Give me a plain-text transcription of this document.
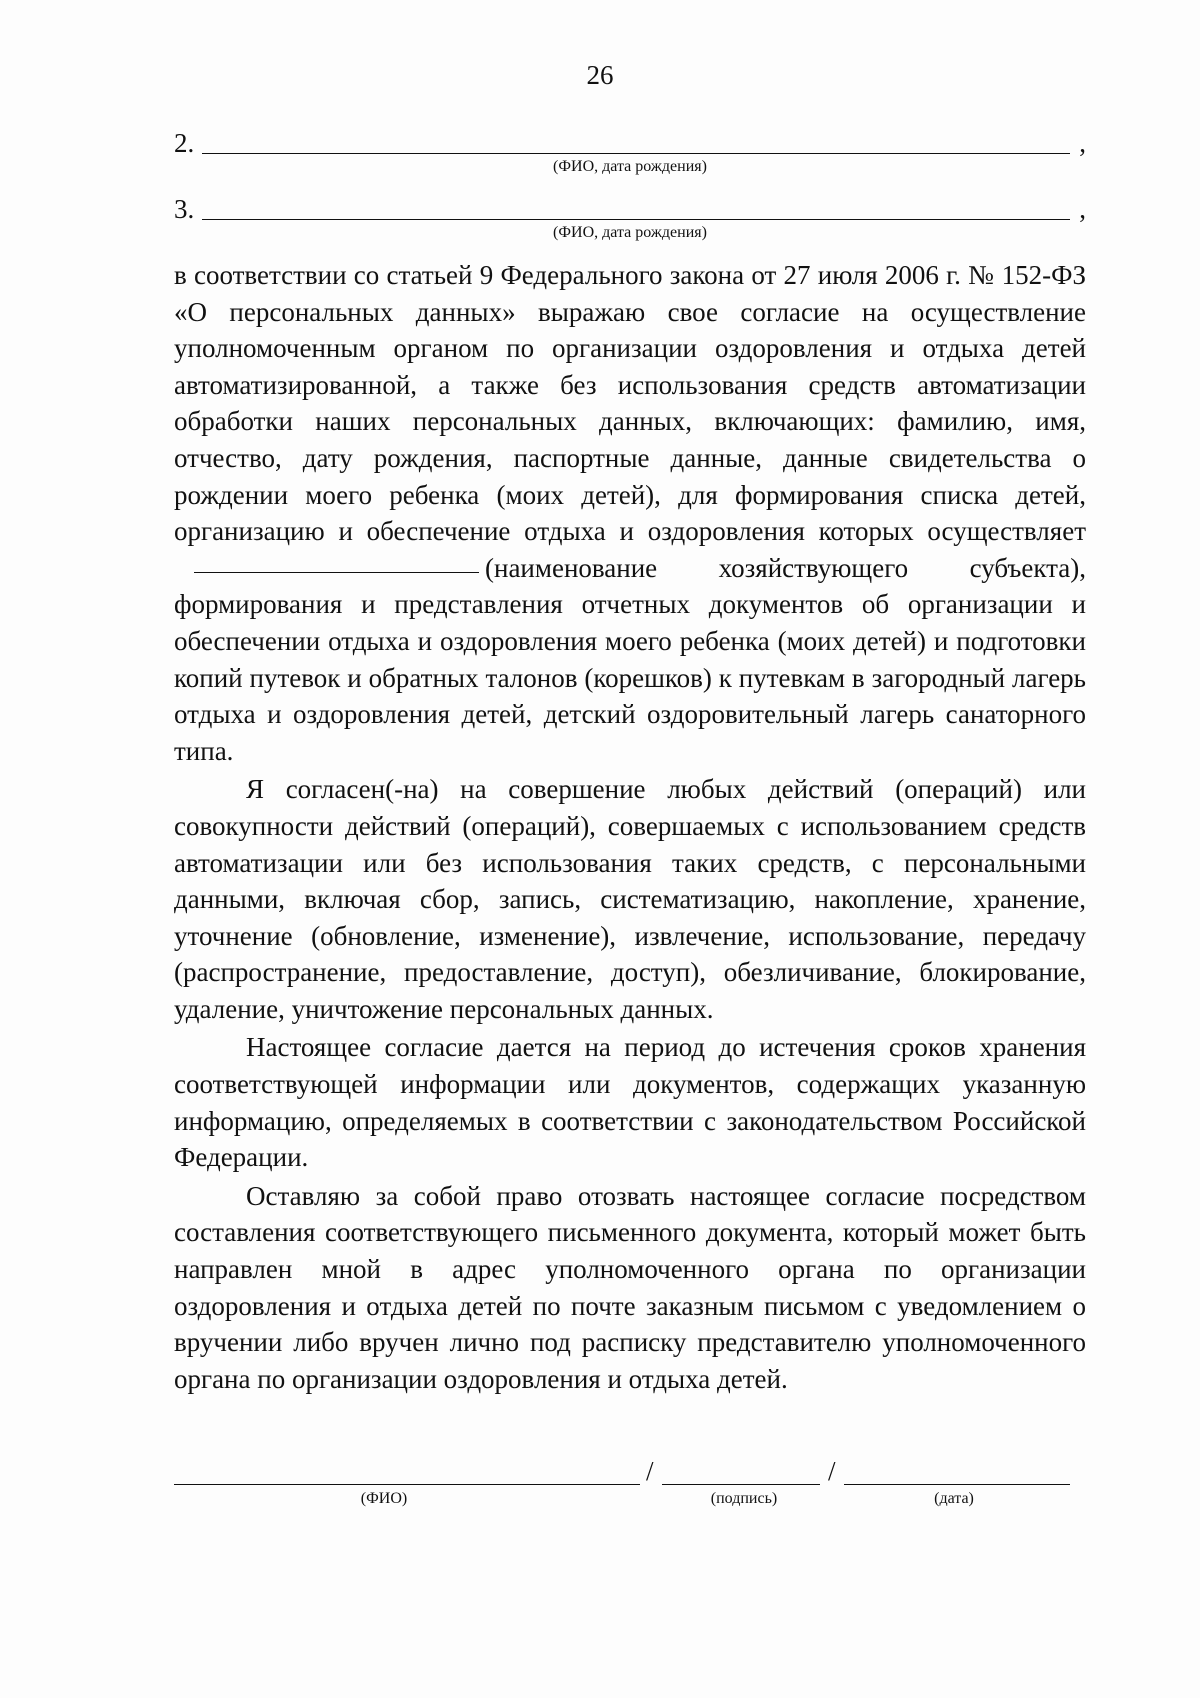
26
2.	,
(ФИО, дата рождения)
3.	,
(ФИО, дата рождения)

в соответствии со статьей 9 Федерального закона от 27 июля 2006 г. № 152-ФЗ «О персональных данных» выражаю свое согласие на осуществление уполномоченным органом по организации оздоровления и отдыха детей автоматизированной, а также без использования средств автоматизации обработки наших персональных данных, включающих: фамилию, имя, отчество, дату рождения, паспортные данные, данные свидетельства о рождении моего ребенка (моих детей), для формирования списка детей, организацию и обеспечение отдыха и оздоровления которых осуществляет(наименование хозяйствующего субъекта), формирования и представления отчетных документов об организации и обеспечении отдыха и оздоровления моего ребенка (моих детей) и подготовки копий путевок и обратных талонов (корешков) к путевкам в загородный лагерь отдыха и оздоровления детей, детский оздоровительный лагерь санаторного типа.

Я согласен(-на) на совершение любых действий (операций) или совокупности действий (операций), совершаемых с использованием средств автоматизации или без использования таких средств, с персональными данными, включая сбор, запись, систематизацию, накопление, хранение, уточнение (обновление, изменение), извлечение, использование, передачу (распространение, предоставление, доступ), обезличивание, блокирование, удаление, уничтожение персональных данных.

Настоящее согласие дается на период до истечения сроков хранения соответствующей информации или документов, содержащих указанную информацию, определяемых в соответствии с законодательством Российской Федерации.

Оставляю за собой право отозвать настоящее согласие посредством составления соответствующего письменного документа, который может быть направлен мной в адрес уполномоченного органа по организации оздоровления и отдыха детей по почте заказным письмом с уведомлением о вручении либо вручен лично под расписку представителю уполномоченного органа по организации оздоровления и отдыха детей.

/	/
(ФИО)	(подпись)	(дата)
